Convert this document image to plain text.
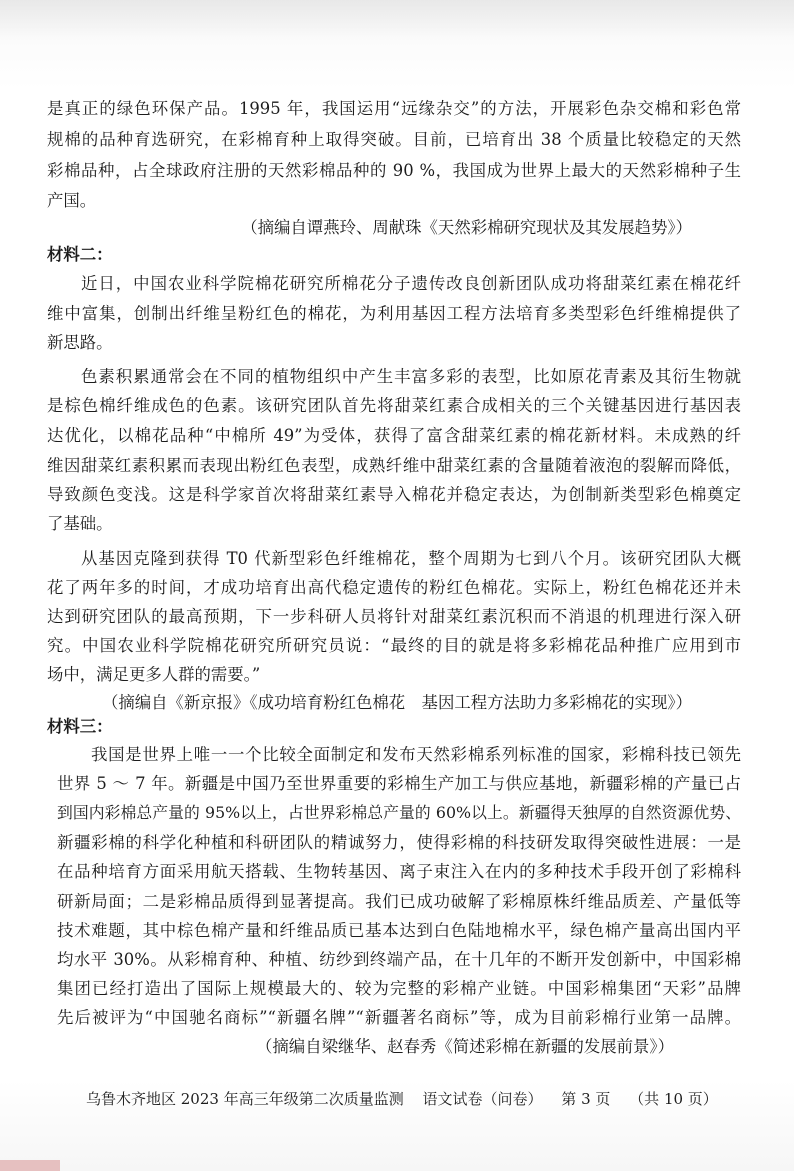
是真正的绿色环保产品。1995 年，我国运用“远缘杂交”的方法，开展彩色杂交棉和彩色常
规棉的品种育选研究，在彩棉育种上取得突破。目前，已培育出 38 个质量比较稳定的天然
彩棉品种，占全球政府注册的天然彩棉品种的 90 %，我国成为世界上最大的天然彩棉种子生
产国。
（摘编自谭燕玲、周献珠《天然彩棉研究现状及其发展趋势》）
材料二：
近日，中国农业科学院棉花研究所棉花分子遗传改良创新团队成功将甜菜红素在棉花纤
维中富集，创制出纤维呈粉红色的棉花，为利用基因工程方法培育多类型彩色纤维棉提供了
新思路。
色素积累通常会在不同的植物组织中产生丰富多彩的表型，比如原花青素及其衍生物就
是棕色棉纤维成色的色素。该研究团队首先将甜菜红素合成相关的三个关键基因进行基因表
达优化，以棉花品种“中棉所 49”为受体，获得了富含甜菜红素的棉花新材料。未成熟的纤
维因甜菜红素积累而表现出粉红色表型，成熟纤维中甜菜红素的含量随着液泡的裂解而降低，
导致颜色变浅。这是科学家首次将甜菜红素导入棉花并稳定表达，为创制新类型彩色棉奠定
了基础。
从基因克隆到获得 T0 代新型彩色纤维棉花，整个周期为七到八个月。该研究团队大概
花了两年多的时间，才成功培育出高代稳定遗传的粉红色棉花。实际上，粉红色棉花还并未
达到研究团队的最高预期，下一步科研人员将针对甜菜红素沉积而不消退的机理进行深入研
究。中国农业科学院棉花研究所研究员说：“最终的目的就是将多彩棉花品种推广应用到市
场中，满足更多人群的需要。”
（摘编自《新京报》《成功培育粉红色棉花　基因工程方法助力多彩棉花的实现》）
材料三：
我国是世界上唯一一个比较全面制定和发布天然彩棉系列标准的国家，彩棉科技已领先
世界 5 ～ 7 年。新疆是中国乃至世界重要的彩棉生产加工与供应基地，新疆彩棉的产量已占
到国内彩棉总产量的 95%以上，占世界彩棉总产量的 60%以上。新疆得天独厚的自然资源优势、
新疆彩棉的科学化种植和科研团队的精诚努力，使得彩棉的科技研发取得突破性进展：一是
在品种培育方面采用航天搭载、生物转基因、离子束注入在内的多种技术手段开创了彩棉科
研新局面；二是彩棉品质得到显著提高。我们已成功破解了彩棉原株纤维品质差、产量低等
技术难题，其中棕色棉产量和纤维品质已基本达到白色陆地棉水平，绿色棉产量高出国内平
均水平 30%。从彩棉育种、种植、纺纱到终端产品，在十几年的不断开发创新中，中国彩棉
集团已经打造出了国际上规模最大的、较为完整的彩棉产业链。中国彩棉集团“天彩”品牌
先后被评为“中国驰名商标”“新疆名牌”“新疆著名商标”等，成为目前彩棉行业第一品牌。
（摘编自梁继华、赵春秀《简述彩棉在新疆的发展前景》）
乌鲁木齐地区 2023 年高三年级第二次质量监测 语文试卷（问卷） 第 3 页 （共 10 页）
